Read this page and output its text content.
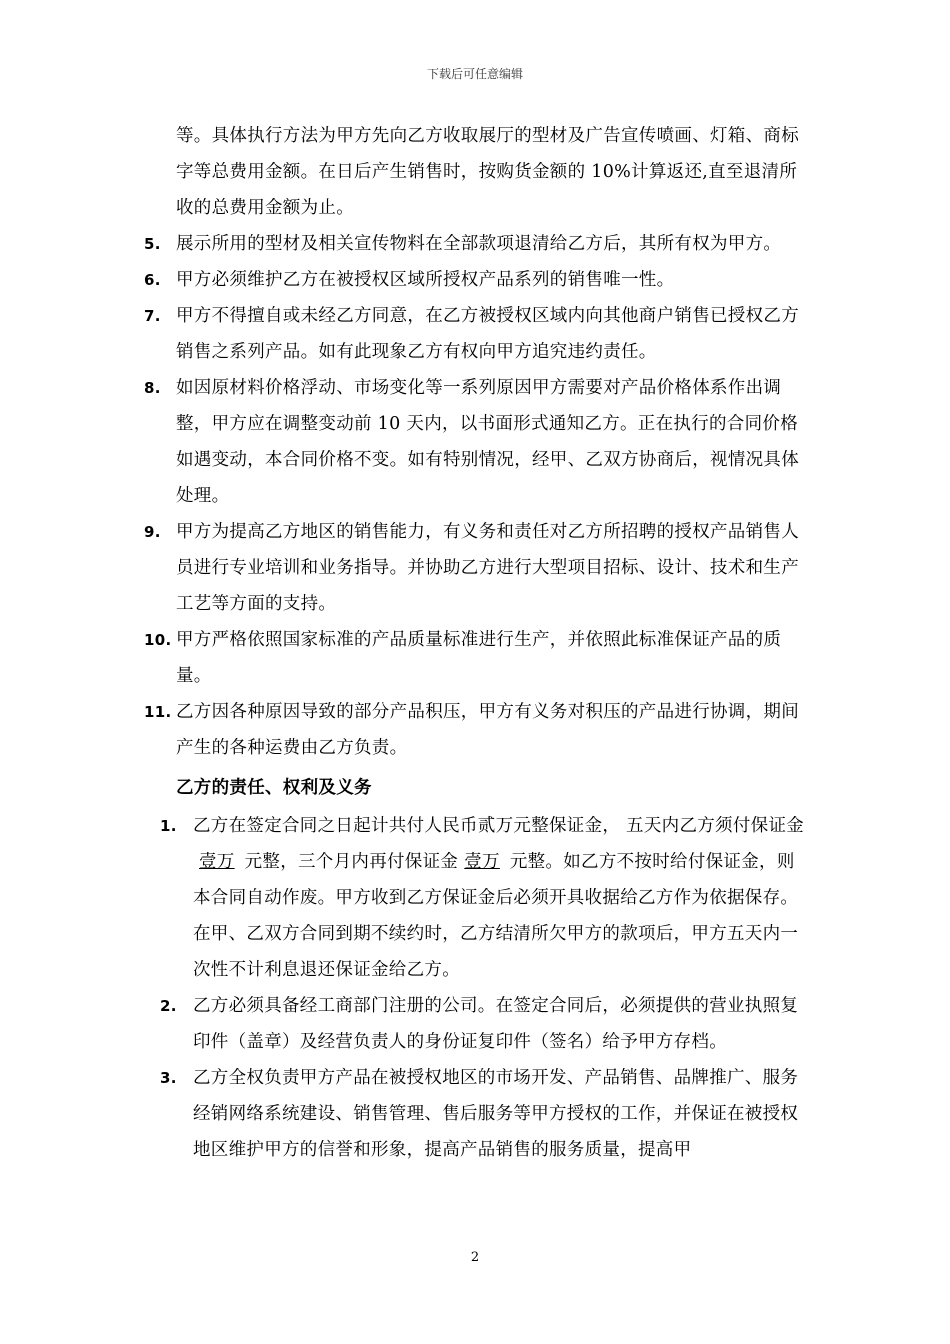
下载后可任意编辑
等。具体执行方法为甲方先向乙方收取展厅的型材及广告宣传喷画、灯箱、商标字等总费用金额。在日后产生销售时，按购货金额的 10%计算返还,直至退清所收的总费用金额为止。
5. 展示所用的型材及相关宣传物料在全部款项退清给乙方后，其所有权为甲方。
6. 甲方必须维护乙方在被授权区域所授权产品系列的销售唯一性。
7. 甲方不得擅自或未经乙方同意，在乙方被授权区域内向其他商户销售已授权乙方销售之系列产品。如有此现象乙方有权向甲方追究违约责任。
8. 如因原材料价格浮动、市场变化等一系列原因甲方需要对产品价格体系作出调整，甲方应在调整变动前 10 天内，以书面形式通知乙方。正在执行的合同价格如遇变动，本合同价格不变。如有特别情况，经甲、乙双方协商后，视情况具体处理。
9. 甲方为提高乙方地区的销售能力，有义务和责任对乙方所招聘的授权产品销售人员进行专业培训和业务指导。并协助乙方进行大型项目招标、设计、技术和生产工艺等方面的支持。
10. 甲方严格依照国家标准的产品质量标准进行生产，并依照此标准保证产品的质量。
11. 乙方因各种原因导致的部分产品积压，甲方有义务对积压的产品进行协调，期间产生的各种运费由乙方负责。
乙方的责任、权利及义务
1. 乙方在签定合同之日起计共付人民币贰万元整保证金， 五天内乙方须付保证金壹万 元整，三个月内再付保证金 壹万 元整。如乙方不按时给付保证金，则本合同自动作废。甲方收到乙方保证金后必须开具收据给乙方作为依据保存。在甲、乙双方合同到期不续约时，乙方结清所欠甲方的款项后，甲方五天内一次性不计利息退还保证金给乙方。
2. 乙方必须具备经工商部门注册的公司。在签定合同后，必须提供的营业执照复印件（盖章）及经营负责人的身份证复印件（签名）给予甲方存档。
3. 乙方全权负责甲方产品在被授权地区的市场开发、产品销售、品牌推广、服务经销网络系统建设、销售管理、售后服务等甲方授权的工作，并保证在被授权地区维护甲方的信誉和形象，提高产品销售的服务质量，提高甲
2
